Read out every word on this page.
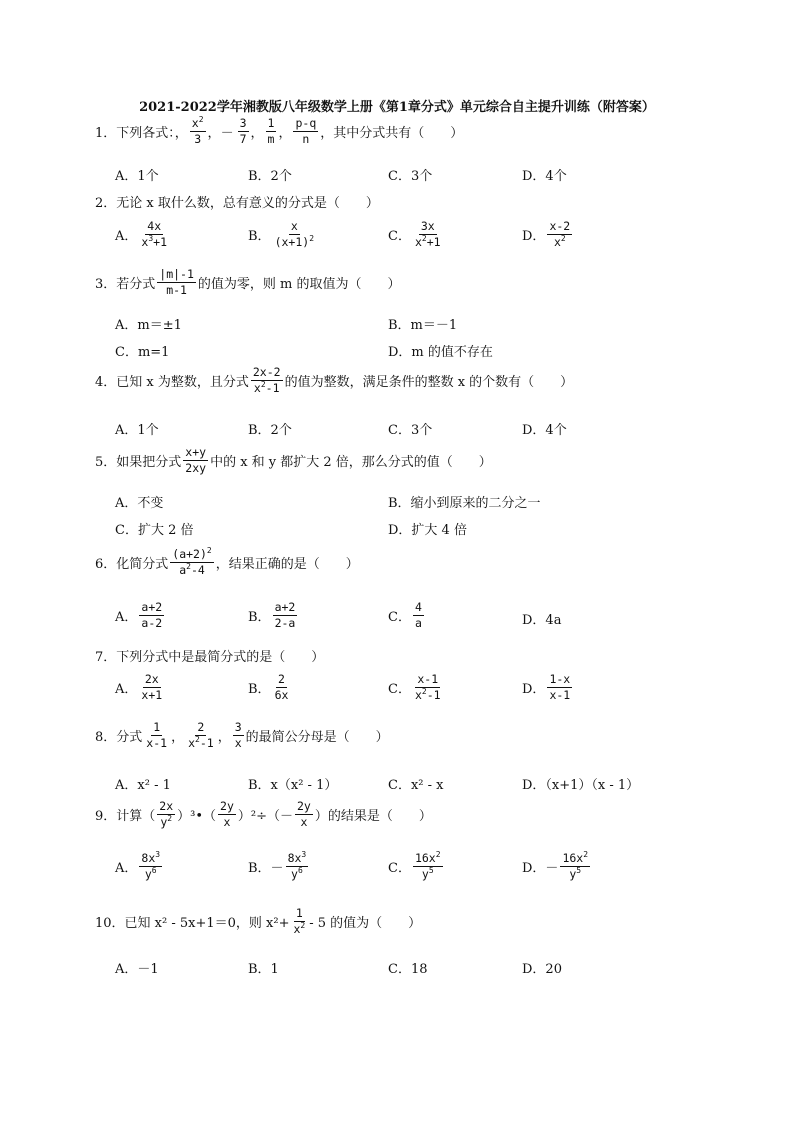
2021-2022学年湘教版八年级数学上册《第1章分式》单元综合自主提升训练（附答案）
1．下列各式：， $\frac{x^2}{3}$ ， － $\frac{3}{7}$ ， $\frac{1}{m}$ ， $\frac{p-q}{n}$ ，其中分式共有（　　）
A．1个	B．2个	C．3个	D．4个
2．无论 x 取什么数，总有意义的分式是（　　）
A． $\frac{4x}{x^3+1}$	B． $\frac{x}{(x+1)^2}$	C． $\frac{3x}{x^2+1}$	D． $\frac{x-2}{x^2}$
3．若分式 $\frac{|m|-1}{m-1}$ 的值为零，则 m 的取值为（　　）
A．m＝±1	B．m＝－1
C．m=1	D．m 的值不存在
4．已知 x 为整数，且分式 $\frac{2x-2}{x^2-1}$ 的值为整数，满足条件的整数 x 的个数有（　　）
A．1个	B．2个	C．3个	D．4个
5．如果把分式 $\frac{x+y}{2xy}$ 中的 x 和 y 都扩大 2 倍，那么分式的值（　　）
A．不变	B．缩小到原来的二分之一
C．扩大 2 倍	D．扩大 4 倍
6．化简分式 $\frac{(a+2)^2}{a^2-4}$ ，结果正确的是（　　）
A． $\frac{a+2}{a-2}$	B． $\frac{a+2}{2-a}$	C． $\frac{4}{a}$	D．4a
7．下列分式中是最简分式的是（　　）
A． $\frac{2x}{x+1}$	B． $\frac{2}{6x}$	C． $\frac{x-1}{x^2-1}$	D． $\frac{1-x}{x-1}$
8．分式 $\frac{1}{x-1}$ ， $\frac{2}{x^2-1}$ ， $\frac{3}{x}$ 的最简公分母是（　　）
A．x² - 1	B．x（x² - 1）	C．x² - x	D．（x+1）（x - 1）
9．计算（ $\frac{2x}{y^2}$ ）³•（ $\frac{2y}{x} )^2\div(- \frac{2y}{x}$ ）的结果是（　　）
A． $\frac{8x^3}{y^6}$	B．－ $\frac{8x^3}{y^6}$	C． $\frac{16x^2}{y^5}$	D．－ $\frac{16x^2}{y^5}$
10．已知 x² - 5x+1＝0，则 $x^2+ \frac{1}{x^2} - 5$ 的值为（　　）
A．－1	B．1	C．18	D．20
